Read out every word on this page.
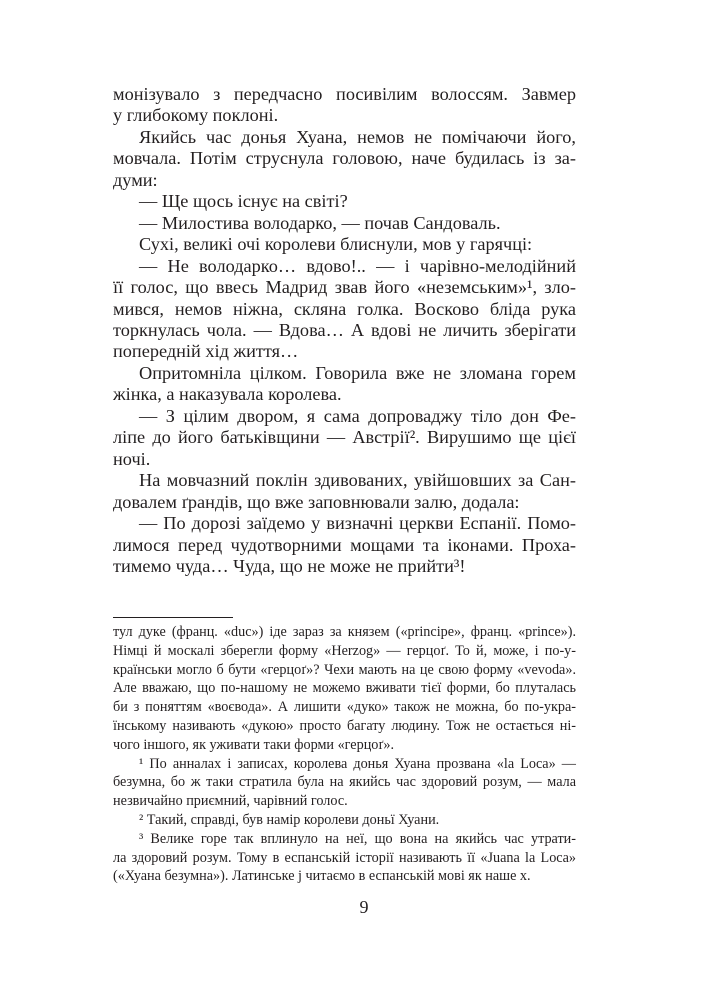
монізувало з передчасно посивілим волоссям. Завмер
у глибокому поклоні.
Якийсь час донья Хуана, немов не помічаючи його,
мовчала. Потім струснула головою, наче будилась із за-
думи:
— Ще щось існує на світі?
— Милостива володарко, — почав Сандоваль.
Сухі, великі очі королеви блиснули, мов у гарячці:
— Не володарко… вдово!.. — і чарівно-мелодійний
її голос, що ввесь Мадрид звав його «неземським»¹, зло-
мився, немов ніжна, скляна голка. Восково бліда рука
торкнулась чола. — Вдова… А вдові не личить зберігати
попередній хід життя…
Опритомніла цілком. Говорила вже не зломана горем
жінка, а наказувала королева.
— З цілим двором, я сама допроваджу тіло дон Фе-
ліпе до його батьківщини — Австрії². Вирушимо ще цієї
ночі.
На мовчазний поклін здивованих, увійшовших за Сан-
довалем ґрандів, що вже заповнювали залю, додала:
— По дорозі заїдемо у визначні церкви Еспанії. Помо-
лимося перед чудотворними мощами та іконами. Проха-
тимемо чуда… Чуда, що не може не прийти³!
тул дуке (франц. «duc») іде зараз за князем («principe», франц. «prince»).
Німці й москалі зберегли форму «Herzog» — герцоґ. То й, може, і по-у-
країнськи могло б бути «герцоґ»? Чехи мають на це свою форму «vevoda».
Але вважаю, що по-нашому не можемо вживати тієї форми, бо плуталась
би з поняттям «воєвода». А лишити «дуко» також не можна, бо по-укра-
їнському називають «дукою» просто багату людину. Тож не остається ні-
чого іншого, як уживати таки форми «герцоґ».
¹ По анналах і записах, королева донья Хуана прозвана «la Loca» —
безумна, бо ж таки стратила була на якийсь час здоровий розум, — мала
незвичайно приємний, чарівний голос.
² Такий, справді, був намір королеви доньї Хуани.
³ Велике горе так вплинуло на неї, що вона на якийсь час утрати-
ла здоровий розум. Тому в еспанській історії називають її «Juana la Loca»
(«Хуана безумна»). Латинське j читаємо в еспанській мові як наше х.
9
